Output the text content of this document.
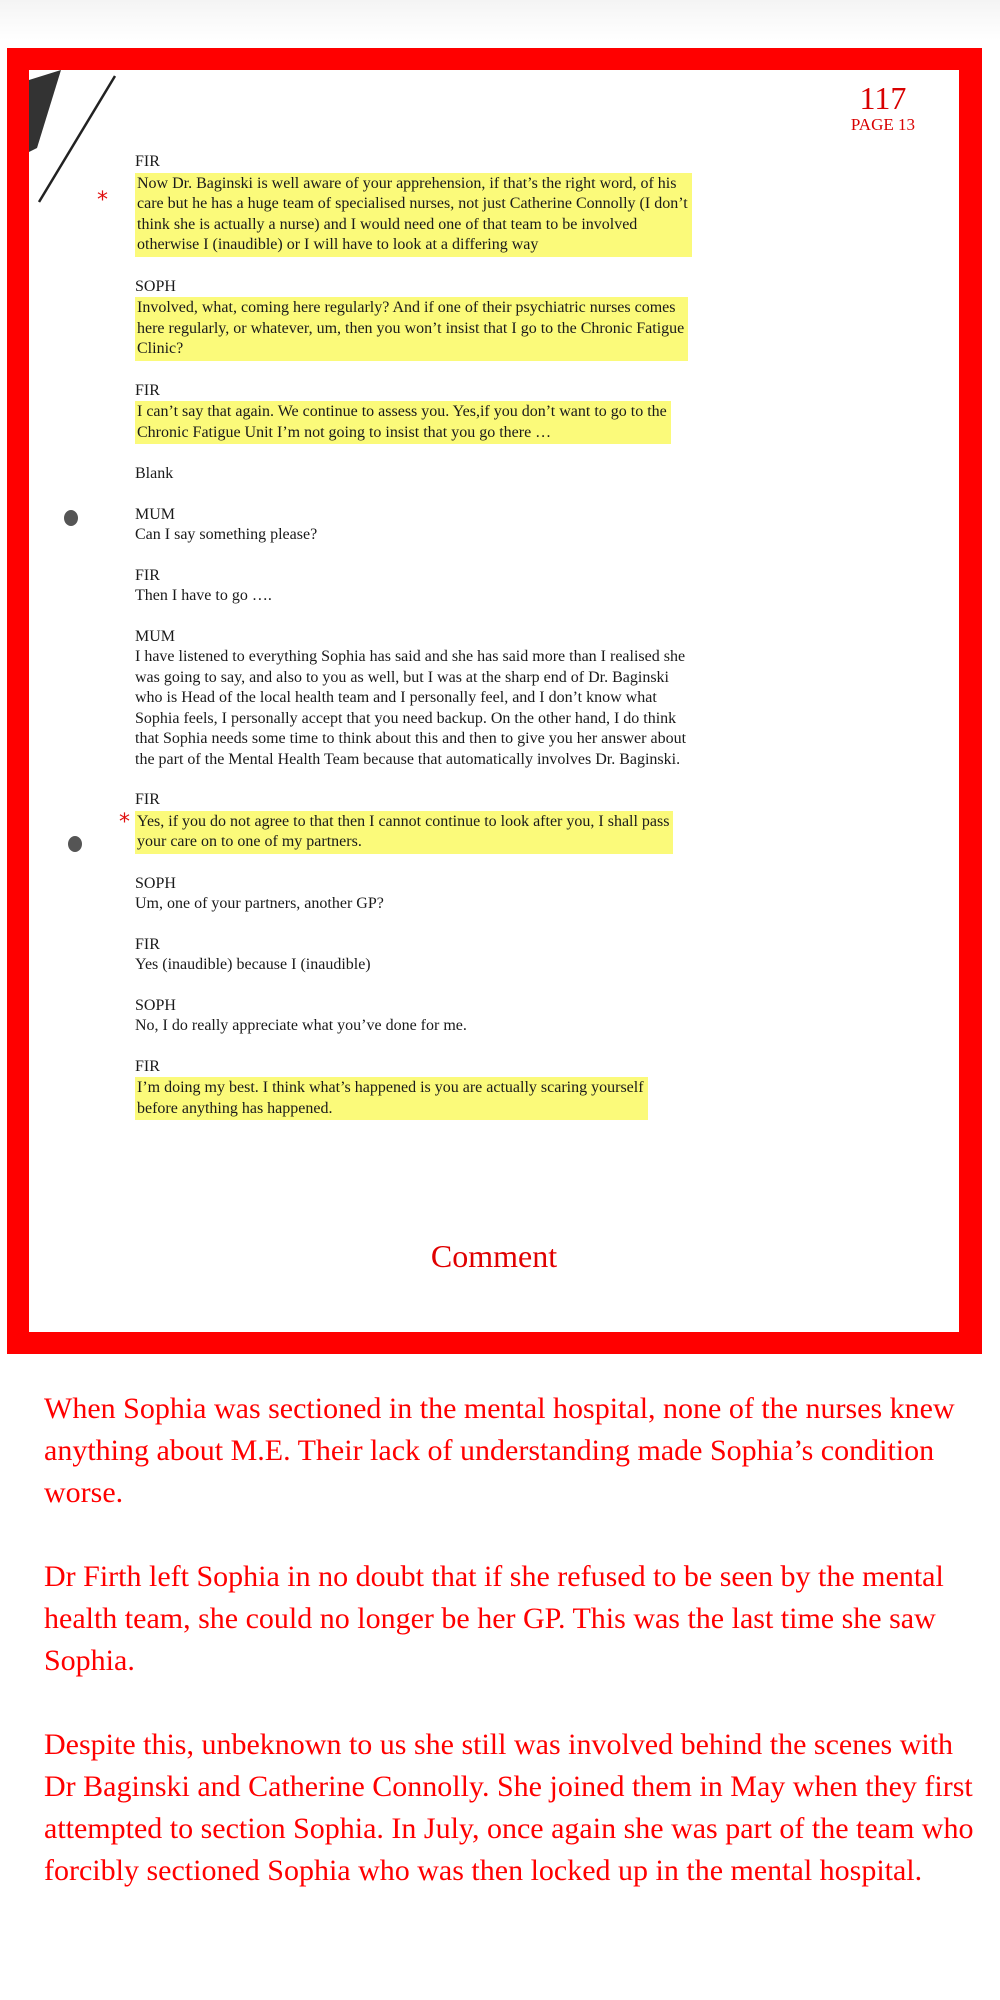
117
PAGE 13
FIR
*
Now Dr. Baginski is well aware of your apprehension, if that’s the right word, of his
care but he has a huge team of specialised nurses, not just Catherine Connolly (I don’t
think she is actually a nurse) and I would need one of that team to be involved
otherwise I (inaudible) or I will have to look at a differing way
SOPH
Involved, what, coming here regularly? And if one of their psychiatric nurses comes
here regularly, or whatever, um, then you won’t insist that I go to the Chronic Fatigue
Clinic?
FIR
I can’t say that again. We continue to assess you. Yes,if you don’t want to go to the
Chronic Fatigue Unit I’m not going to insist that you go there …
Blank
MUM
Can I say something please?
FIR
Then I have to go ….
MUM
I have listened to everything Sophia has said and she has said more than I realised she
was going to say, and also to you as well, but I was at the sharp end of Dr. Baginski
who is Head of the local health team and I personally feel, and I don’t know what
Sophia feels, I personally accept that you need backup. On the other hand, I do think
that Sophia needs some time to think about this and then to give you her answer about
the part of the Mental Health Team because that automatically involves Dr. Baginski.
FIR
* Yes, if you do not agree to that then I cannot continue to look after you, I shall pass
your care on to one of my partners.
SOPH
Um, one of your partners, another GP?
FIR
Yes (inaudible) because I (inaudible)
SOPH
No, I do really appreciate what you’ve done for me.
FIR
I’m doing my best. I think what’s happened is you are actually scaring yourself
before anything has happened.
Comment

When Sophia was sectioned in the mental hospital, none of the nurses knew anything about M.E. Their lack of understanding made Sophia’s condition worse.

Dr Firth left Sophia in no doubt that if she refused to be seen by the mental health team, she could no longer be her GP. This was the last time she saw Sophia.

Despite this, unbeknown to us she still was involved behind the scenes with Dr Baginski and Catherine Connolly. She joined them in May when they first attempted to section Sophia. In July, once again she was part of the team who forcibly sectioned Sophia who was then locked up in the mental hospital.
